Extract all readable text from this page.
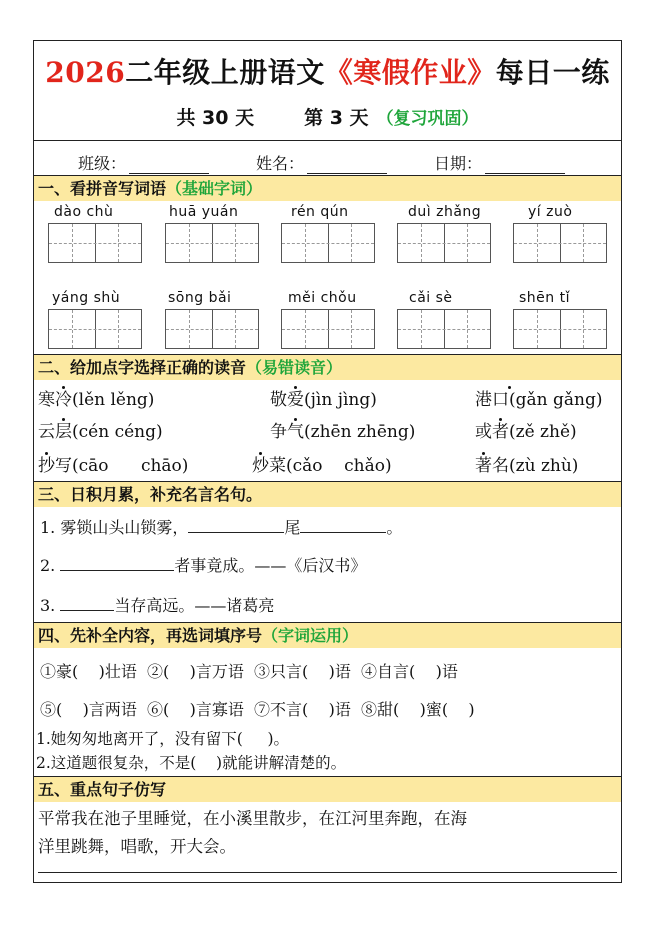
2026二年级上册语文《寒假作业》每日一练
共 30 天	第 3 天 （复习巩固）
班级：	姓名：	日期：
一、看拼音写词语（基础字词）
dào chù	huā yuán	rén qún	duì zhǎng	yí zuò
yáng shù	sōng bǎi	měi chǒu	cǎi sè	shēn tǐ
二、给加点字选择正确的读音（易错读音）
寒冷(lěn lěng)	敬爱(jìn jìng)	港口(gǎn gǎng)
云层(cén céng)	争气(zhēn zhēng)	或者(zě zhě)
抄写(cāo      chāo)	炒菜(cǎo    chǎo)	著名(zù zhù)
三、日积月累，补充名言名句。
1. 雾锁山头山锁雾，	尾	。
2.	者事竟成。——《后汉书》
3.	当存高远。——诸葛亮
四、先补全内容，再选词填序号（字词运用）
①豪(    )壮语  ②(    )言万语  ③只言(    )语  ④自言(    )语
⑤(    )言两语  ⑥(    )言寡语  ⑦不言(    )语  ⑧甜(    )蜜(    )
1.她匆匆地离开了，没有留下(     )。
2.这道题很复杂，不是(    )就能讲解清楚的。
五、重点句子仿写
平常我在池子里睡觉，在小溪里散步，在江河里奔跑，在海
洋里跳舞，唱歌，开大会。
